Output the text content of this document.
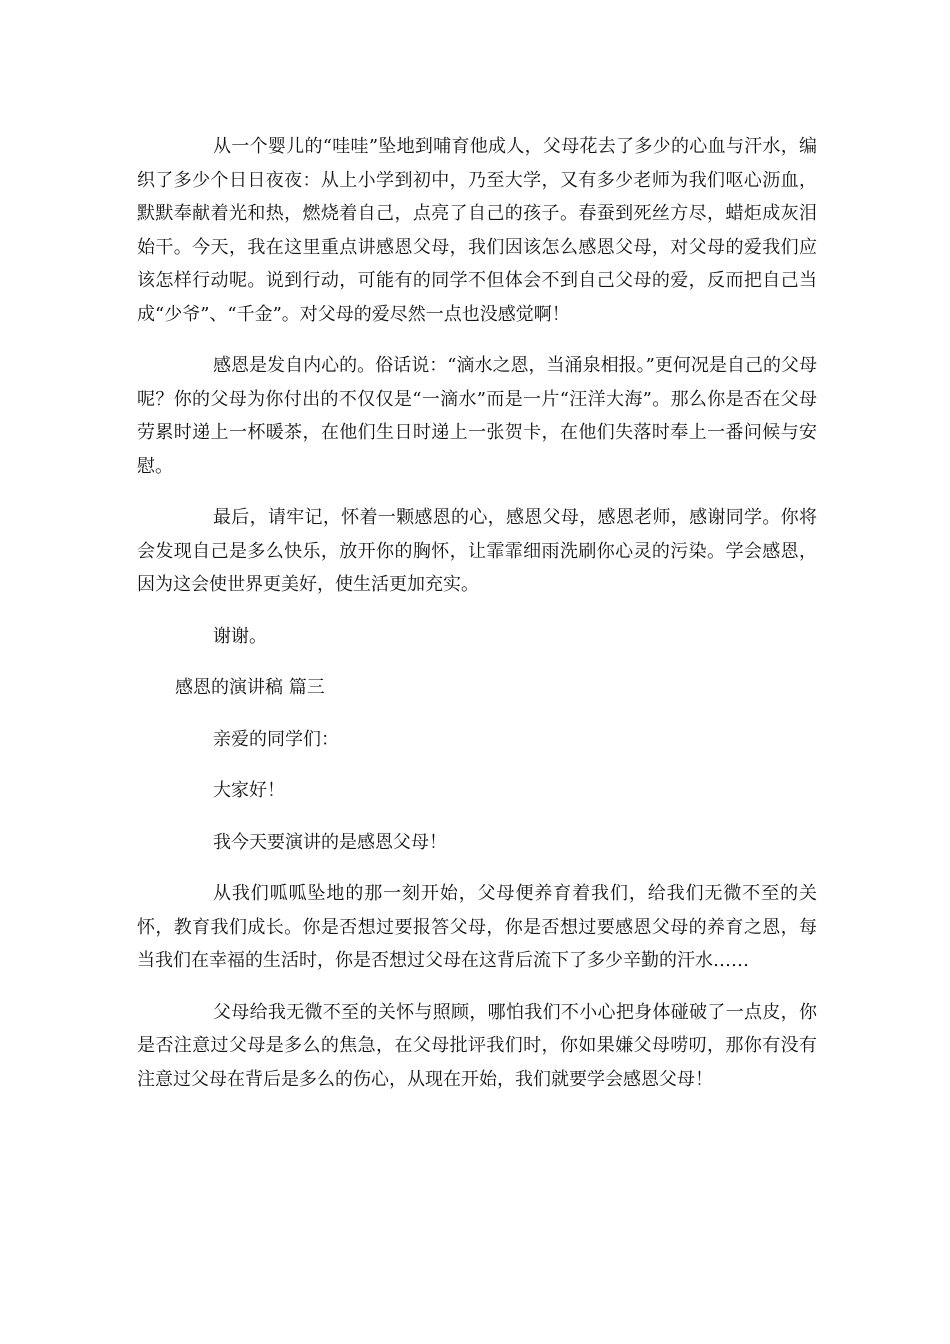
从一个婴儿的“哇哇”坠地到哺育他成人，父母花去了多少的心血与汗水，编织了多少个日日夜夜：从上小学到初中，乃至大学，又有多少老师为我们呕心沥血，默默奉献着光和热，燃烧着自己，点亮了自己的孩子。春蚕到死丝方尽，蜡炬成灰泪始干。今天，我在这里重点讲感恩父母，我们因该怎么感恩父母，对父母的爱我们应该怎样行动呢。说到行动，可能有的同学不但体会不到自己父母的爱，反而把自己当成“少爷”、“千金”。对父母的爱尽然一点也没感觉啊！

感恩是发自内心的。俗话说：“滴水之恩，当涌泉相报。”更何况是自己的父母呢？你的父母为你付出的不仅仅是“一滴水”而是一片“汪洋大海”。那么你是否在父母劳累时递上一杯暖茶，在他们生日时递上一张贺卡，在他们失落时奉上一番问候与安慰。

最后，请牢记，怀着一颗感恩的心，感恩父母，感恩老师，感谢同学。你将会发现自己是多么快乐，放开你的胸怀，让霏霏细雨洗刷你心灵的污染。学会感恩，因为这会使世界更美好，使生活更加充实。

谢谢。

感恩的演讲稿 篇三

亲爱的同学们：

大家好！

我今天要演讲的是感恩父母！

从我们呱呱坠地的那一刻开始，父母便养育着我们，给我们无微不至的关怀，教育我们成长。你是否想过要报答父母，你是否想过要感恩父母的养育之恩，每当我们在幸福的生活时，你是否想过父母在这背后流下了多少辛勤的汗水……

父母给我无微不至的关怀与照顾，哪怕我们不小心把身体碰破了一点皮，你是否注意过父母是多么的焦急，在父母批评我们时，你如果嫌父母唠叨，那你有没有注意过父母在背后是多么的伤心，从现在开始，我们就要学会感恩父母！
